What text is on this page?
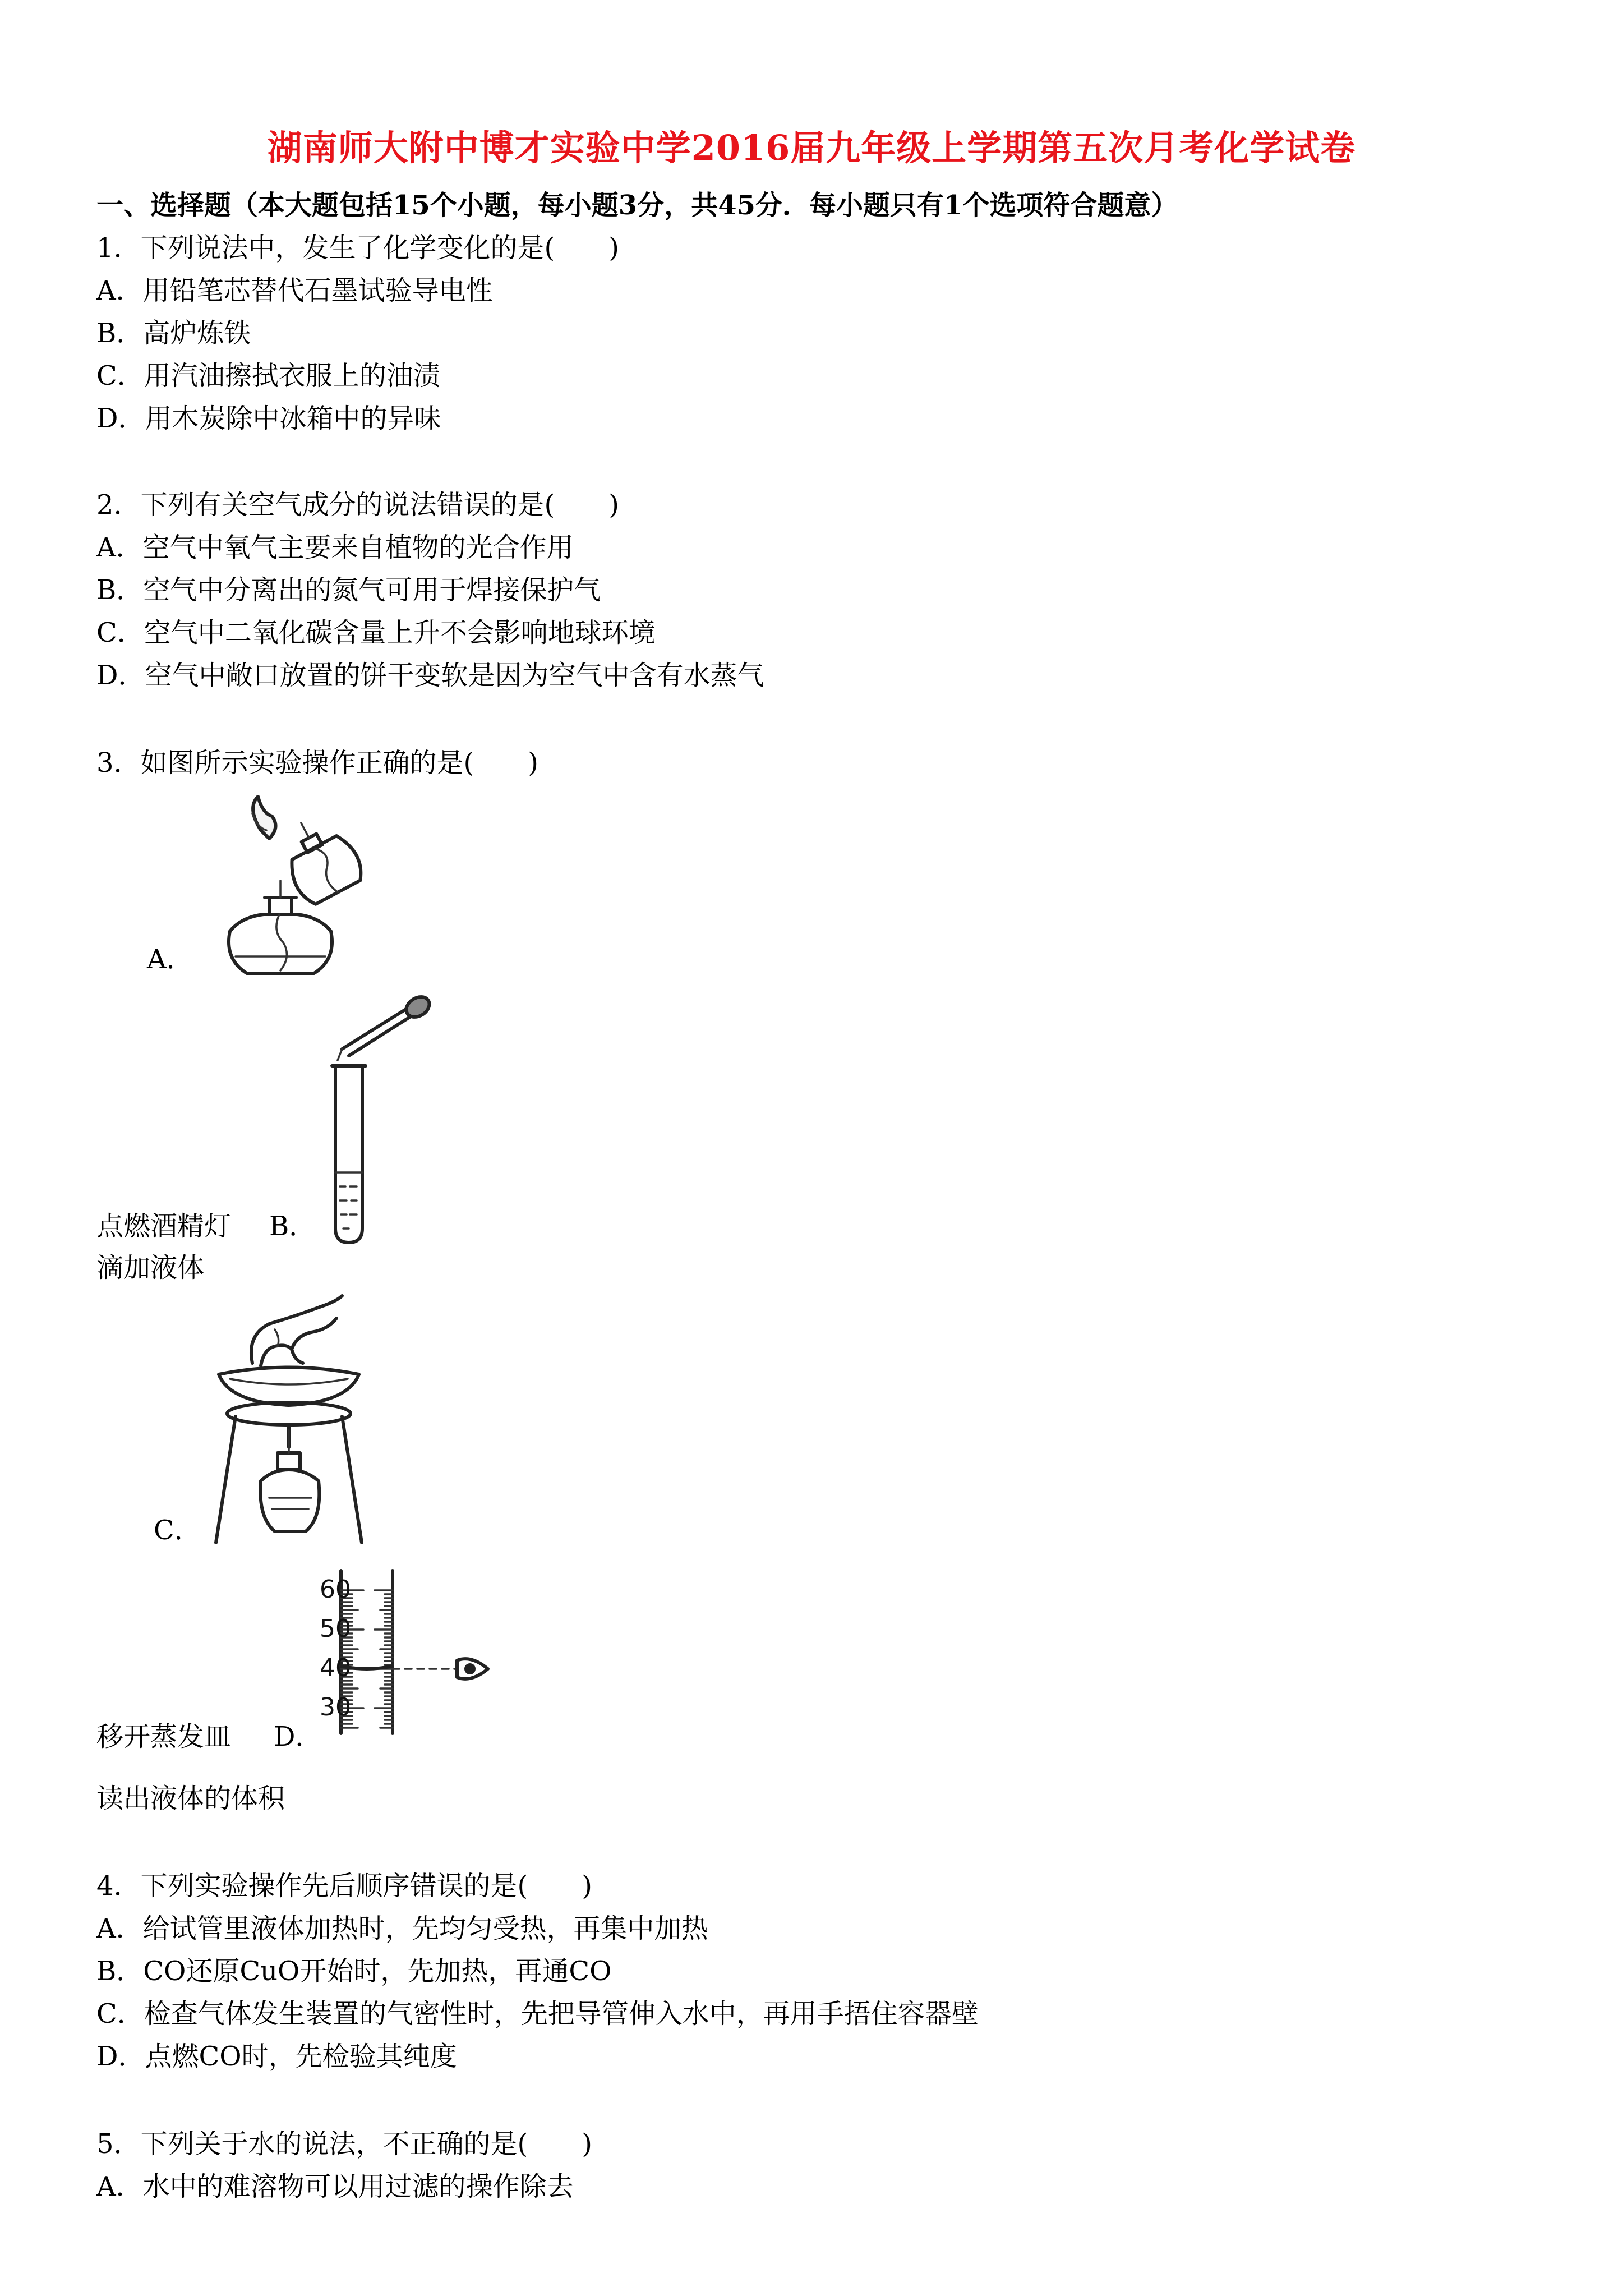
湖南师大附中博才实验中学2016届九年级上学期第五次月考化学试卷
一、选择题（本大题包括15个小题，每小题3分，共45分．每小题只有1个选项符合题意）
1．下列说法中，发生了化学变化的是(　　)
A．用铅笔芯替代石墨试验导电性
B．高炉炼铁
C．用汽油擦拭衣服上的油渍
D．用木炭除中冰箱中的异味
2．下列有关空气成分的说法错误的是(　　)
A．空气中氧气主要来自植物的光合作用
B．空气中分离出的氮气可用于焊接保护气
C．空气中二氧化碳含量上升不会影响地球环境
D．空气中敞口放置的饼干变软是因为空气中含有水蒸气
3．如图所示实验操作正确的是(　　)
A．
点燃酒精灯 B．
滴加液体
C．
60
50
40
30
移开蒸发皿 D．
读出液体的体积
4．下列实验操作先后顺序错误的是(　　)
A．给试管里液体加热时，先均匀受热，再集中加热
B．CO还原CuO开始时，先加热，再通CO
C．检查气体发生装置的气密性时，先把导管伸入水中，再用手捂住容器壁
D．点燃CO时，先检验其纯度
5．下列关于水的说法，不正确的是(　　)
A．水中的难溶物可以用过滤的操作除去
